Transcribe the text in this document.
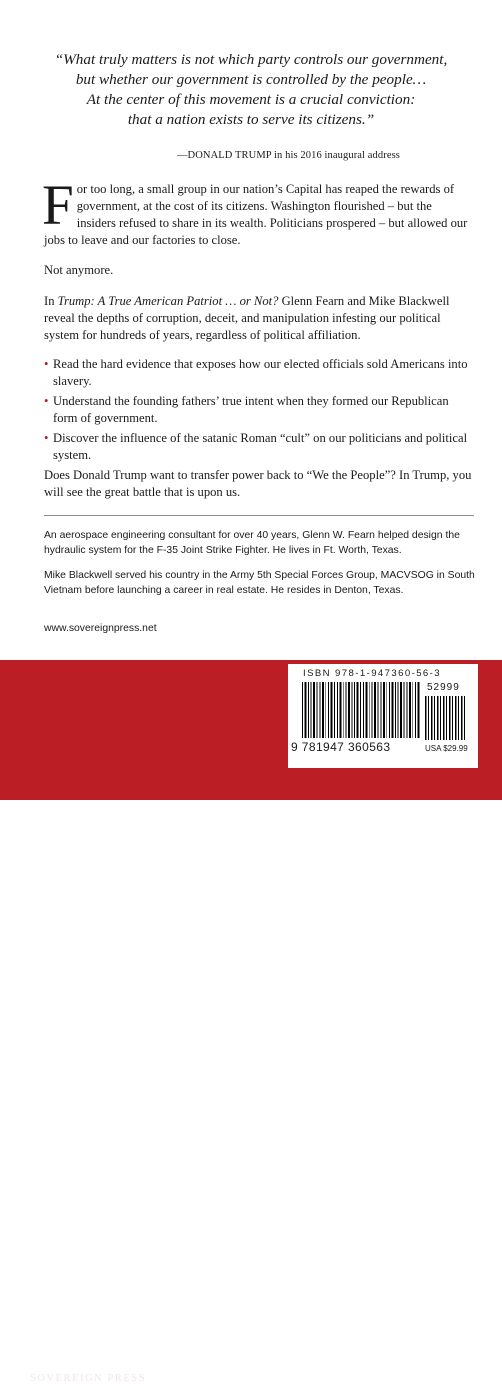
“What truly matters is not which party controls our government,
but whether our government is controlled by the people…
At the center of this movement is a crucial conviction:
that a nation exists to serve its citizens.”
—DONALD TRUMP in his 2016 inaugural address
For too long, a small group in our nation’s Capital has reaped the rewards of government, at the cost of its citizens. Washington flourished – but the insiders refused to share in its wealth. Politicians prospered – but allowed our jobs to leave and our factories to close.
Not anymore.
In Trump: A True American Patriot … or Not? Glenn Fearn and Mike Blackwell reveal the depths of corruption, deceit, and manipulation infesting our political system for hundreds of years, regardless of political affiliation.
• Read the hard evidence that exposes how our elected officials sold Americans into slavery.
• Understand the founding fathers’ true intent when they formed our Republican form of government.
• Discover the influence of the satanic Roman “cult” on our politicians and political system.
Does Donald Trump want to transfer power back to “We the People”? In Trump, you will see the great battle that is upon us.
An aerospace engineering consultant for over 40 years, Glenn W. Fearn helped design the hydraulic system for the F-35 Joint Strike Fighter. He lives in Ft. Worth, Texas.
Mike Blackwell served his country in the Army 5th Special Forces Group, MACVSOG in South Vietnam before launching a career in real estate. He resides in Denton, Texas.
www.sovereignpress.net
SOVEREIGN PRESS
ISBN 978-1-947360-56-3
52999
9 781947 360563	USA $29.99
